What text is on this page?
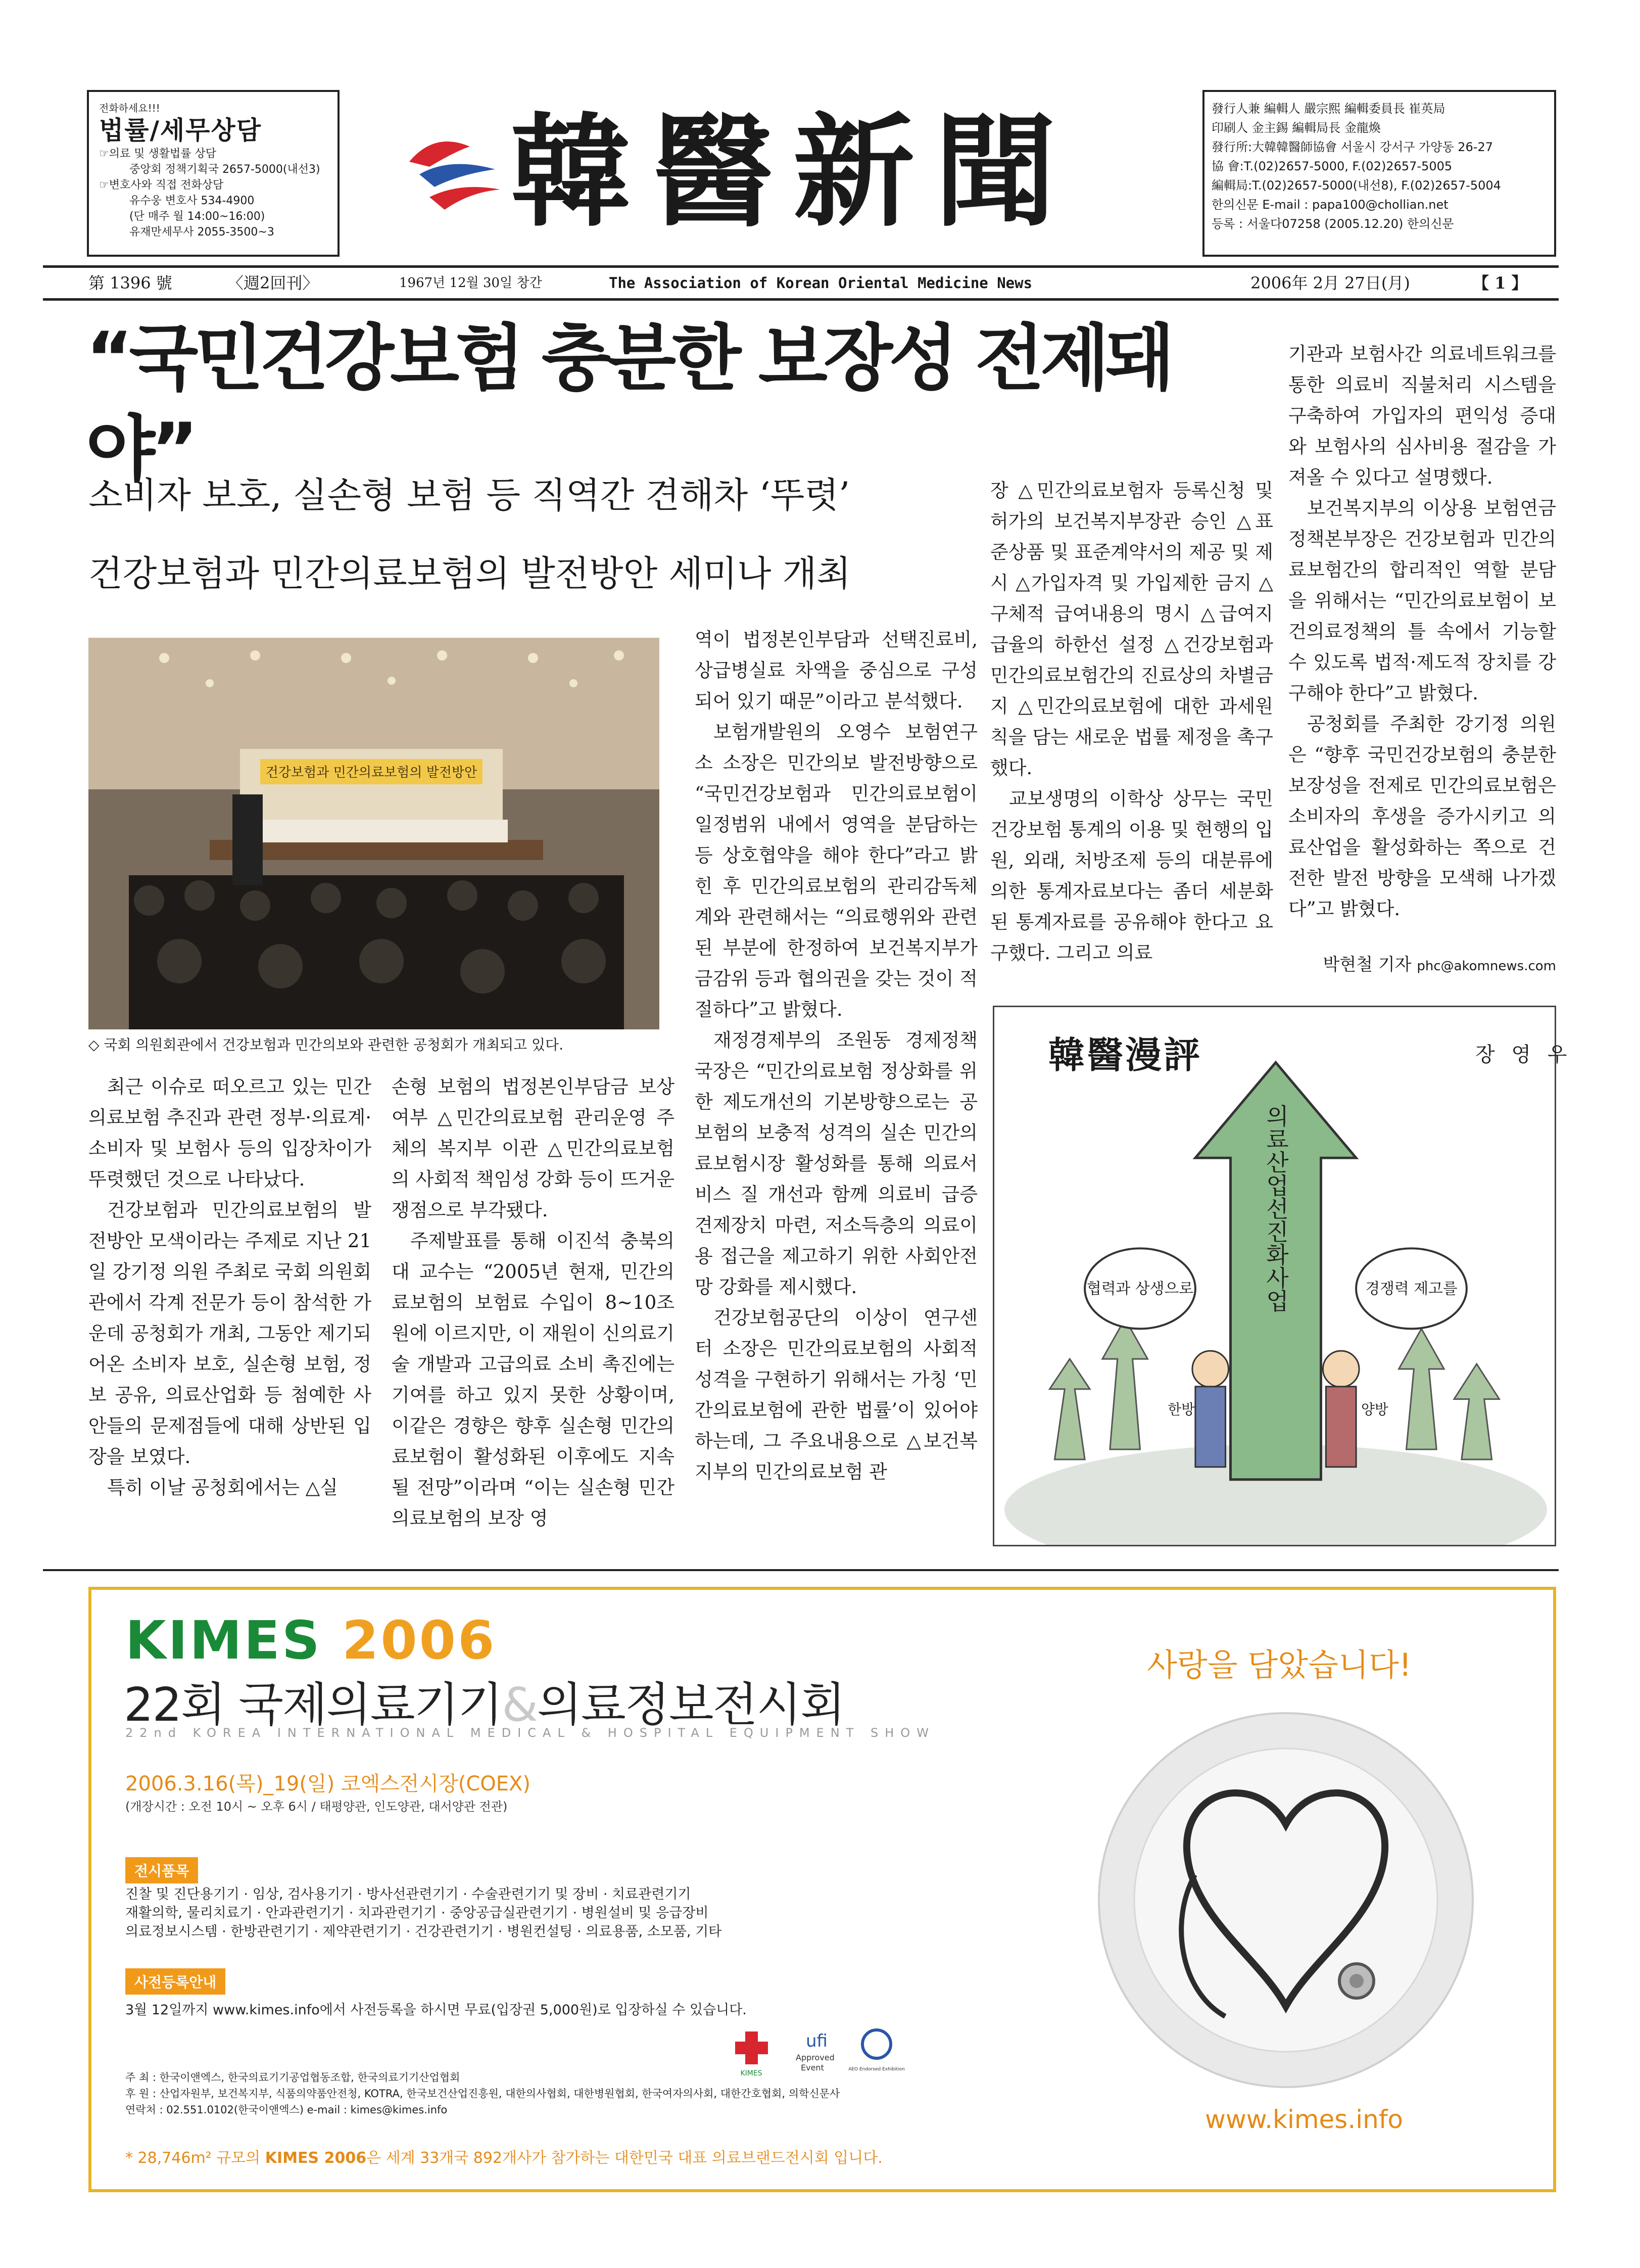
전화하세요!!!
법률/세무상담
☞의료 및 생활법률 상담
중앙회 정책기획국 2657-5000(내선3)
☞변호사와 직접 전화상담
유수웅 변호사 534-4900
(단 매주 월 14:00~16:00)
유재만세무사 2055-3500~3	韓醫新聞	發行人兼 編輯人 嚴宗熙 編輯委員長 崔英局
印刷人 金主錫 編輯局長 金龍煥
發行所:大韓韓醫師協會 서울시 강서구 가양동 26-27
協 會:T.(02)2657-5000, F.(02)2657-5005
編輯局:T.(02)2657-5000(내선8), F.(02)2657-5004
한의신문 E-mail : papa100@chollian.net
등록 : 서울다07258 (2005.12.20) 한의신문
第 1396 號	〈週2回刊〉	1967년 12월 30일 창간	The Association of Korean Oriental Medicine News	2006年 2月 27日(月)	【 1 】
“국민건강보험 충분한 보장성 전제돼야”
소비자 보호, 실손형 보험 등 직역간 견해차 ‘뚜렷’
건강보험과 민간의료보험의 발전방안 세미나 개최
건강보험과 민간의료보험의 발전방안
◇ 국회 의원회관에서 건강보험과 민간의보와 관련한 공청회가 개최되고 있다.

최근 이슈로 떠오르고 있는 민간의료보험 추진과 관련 정부·의료계·소비자 및 보험사 등의 입장차이가 뚜렷했던 것으로 나타났다.

건강보험과 민간의료보험의 발전방안 모색이라는 주제로 지난 21일 강기정 의원 주최로 국회 의원회관에서 각계 전문가 등이 참석한 가운데 공청회가 개최, 그동안 제기되어온 소비자 보호, 실손형 보험, 정보 공유, 의료산업화 등 첨예한 사안들의 문제점들에 대해 상반된 입장을 보였다.

특히 이날 공청회에서는 △실

손형 보험의 법정본인부담금 보상 여부 △민간의료보험 관리운영 주체의 복지부 이관 △민간의료보험의 사회적 책임성 강화 등이 뜨거운 쟁점으로 부각됐다.

주제발표를 통해 이진석 충북의대 교수는 “2005년 현재, 민간의료보험의 보험료 수입이 8~10조원에 이르지만, 이 재원이 신의료기술 개발과 고급의료 소비 촉진에는 기여를 하고 있지 못한 상황이며, 이같은 경향은 향후 실손형 민간의료보험이 활성화된 이후에도 지속될 전망”이라며 “이는 실손형 민간의료보험의 보장 영

역이 법정본인부담과 선택진료비, 상급병실료 차액을 중심으로 구성되어 있기 때문”이라고 분석했다.

보험개발원의 오영수 보험연구소 소장은 민간의보 발전방향으로 “국민건강보험과 민간의료보험이 일정범위 내에서 영역을 분담하는 등 상호협약을 해야 한다”라고 밝힌 후 민간의료보험의 관리감독체계와 관련해서는 “의료행위와 관련된 부분에 한정하여 보건복지부가 금감위 등과 협의권을 갖는 것이 적절하다”고 밝혔다.

재정경제부의 조원동 경제정책국장은 “민간의료보험 정상화를 위한 제도개선의 기본방향으로는 공보험의 보충적 성격의 실손 민간의료보험시장 활성화를 통해 의료서비스 질 개선과 함께 의료비 급증 견제장치 마련, 저소득층의 의료이용 접근을 제고하기 위한 사회안전망 강화를 제시했다.

건강보험공단의 이상이 연구센터 소장은 민간의료보험의 사회적 성격을 구현하기 위해서는 가칭 ‘민간의료보험에 관한 법률’이 있어야 하는데, 그 주요내용으로 △보건복지부의 민간의료보험 관

장 △민간의료보험자 등록신청 및 허가의 보건복지부장관 승인 △표준상품 및 표준계약서의 제공 및 제시 △가입자격 및 가입제한 금지 △구체적 급여내용의 명시 △급여지급율의 하한선 설정 △건강보험과 민간의료보험간의 진료상의 차별금지 △민간의료보험에 대한 과세원칙을 담는 새로운 법률 제정을 촉구했다.

교보생명의 이학상 상무는 국민건강보험 통계의 이용 및 현행의 입원, 외래, 처방조제 등의 대분류에 의한 통계자료보다는 좀더 세분화된 통계자료를 공유해야 한다고 요구했다. 그리고 의료

기관과 보험사간 의료네트워크를 통한 의료비 직불처리 시스템을 구축하여 가입자의 편익성 증대와 보험사의 심사비용 절감을 가져올 수 있다고 설명했다.

보건복지부의 이상용 보험연금정책본부장은 건강보험과 민간의료보험간의 합리적인 역할 분담을 위해서는 “민간의료보험이 보건의료정책의 틀 속에서 기능할 수 있도록 법적·제도적 장치를 강구해야 한다”고 밝혔다.

공청회를 주최한 강기정 의원은 “향후 국민건강보험의 충분한 보장성을 전제로 민간의료보험은 소비자의 후생을 증가시키고 의료산업을 활성화하는 쪽으로 건전한 발전 방향을 모색해 나가겠다”고 밝혔다.

박현철 기자 phc@akomnews.com
의료산업선진화사업
협력과 상생으로	경쟁력 제고를
한방	양방
韓醫漫評	장 영 우
KIMES 2006
22회 국제의료기기&의료정보전시회
22nd KOREA INTERNATIONAL MEDICAL & HOSPITAL EQUIPMENT SHOW
2006.3.16(목)_19(일) 코엑스전시장(COEX)
(개장시간 : 오전 10시 ~ 오후 6시 / 태평양관, 인도양관, 대서양관 전관)
전시품목
진찰 및 진단용기기 · 임상, 검사용기기 · 방사선관련기기 · 수술관련기기 및 장비 · 치료관련기기
재활의학, 물리치료기 · 안과관련기기 · 치과관련기기 · 중앙공급실관련기기 · 병원설비 및 응급장비
의료정보시스템 · 한방관련기기 · 제약관련기기 · 건강관련기기 · 병원컨설팅 · 의료용품, 소모품, 기타
사전등록안내
3월 12일까지 www.kimes.info에서 사전등록을 하시면 무료(입장권 5,000원)로 입장하실 수 있습니다.
KIMES
ufi
Approved
Event	AEO Endorsed Exhibition
주 최 : 한국이앤엑스, 한국의료기기공업협동조합, 한국의료기기산업협회
후 원 : 산업자원부, 보건복지부, 식품의약품안전청, KOTRA, 한국보건산업진흥원, 대한의사협회, 대한병원협회, 한국여자의사회, 대한간호협회, 의학신문사
연락처 : 02.551.0102(한국이앤엑스) e-mail : kimes@kimes.info
* 28,746m² 규모의 KIMES 2006은 세계 33개국 892개사가 참가하는 대한민국 대표 의료브랜드전시회 입니다.
사랑을 담았습니다!
www.kimes.info
